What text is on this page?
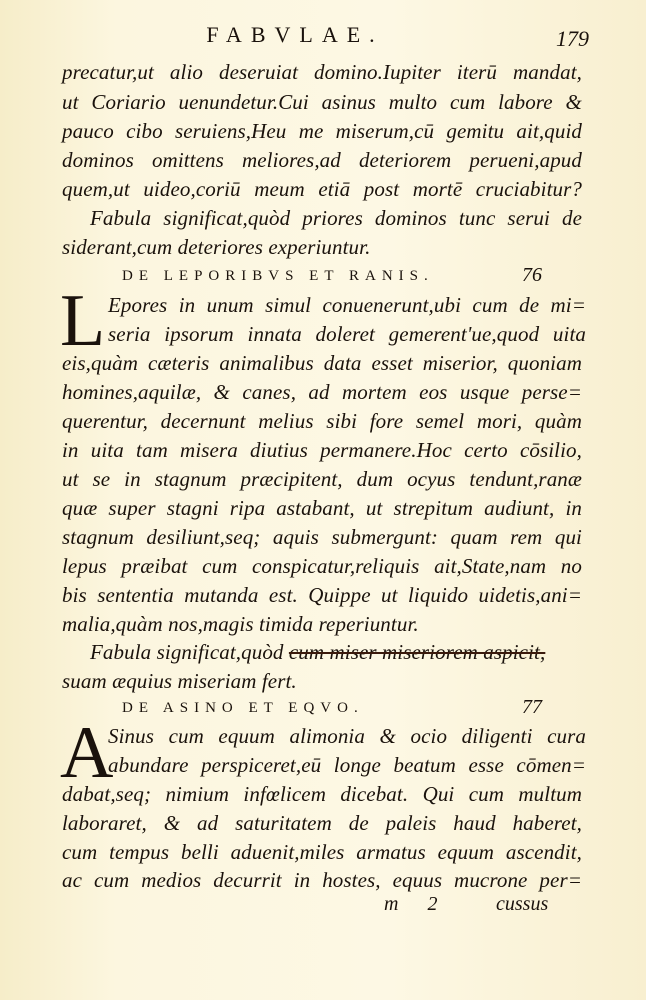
FABVLAE.	179
precatur,ut alio deseruiat domino.Iupiter iterū mandat,
ut Coriario uenundetur.Cui asinus multo cum labore &
pauco cibo seruiens,Heu me miserum,cū gemitu ait,quid
dominos omittens meliores,ad deteriorem perueni,apud
quem,ut uideo,coriū meum etiā post mortē cruciabitur?
Fabula significat,quòd priores dominos tunc serui de
siderant,cum deteriores experiuntur.
DE LEPORIBVS ET RANIS.	76
L Epores in unum simul conuenerunt,ubi cum de mi=
seria ipsorum innata doleret gemerent'ue,quod uita
eis,quàm cæteris animalibus data esset miserior, quoniam
homines,aquilæ, & canes, ad mortem eos usque perse=
querentur, decernunt melius sibi fore semel mori, quàm
in uita tam misera diutius permanere.Hoc certo cōsilio,
ut se in stagnum præcipitent, dum ocyus tendunt,ranæ
quæ super stagni ripa astabant, ut strepitum audiunt, in
stagnum desiliunt,seq; aquis submergunt: quam rem qui
lepus præibat cum conspicatur,reliquis ait,State,nam no
bis sententia mutanda est. Quippe ut liquido uidetis,ani=
malia,quàm nos,magis timida reperiuntur.
Fabula significat,quòd cum miser miseriorem aspicit,
suam æquius miseriam fert.
DE ASINO ET EQVO.	77
A
Sinus cum equum alimonia & ocio diligenti cura
abundare perspiceret,eū longe beatum esse cōmen=
dabat,seq; nimium infœlicem dicebat. Qui cum multum
laboraret, & ad saturitatem de paleis haud haberet,
cum tempus belli aduenit,miles armatus equum ascendit,
ac cum medios decurrit in hostes, equus mucrone per=
m 2 cussus
